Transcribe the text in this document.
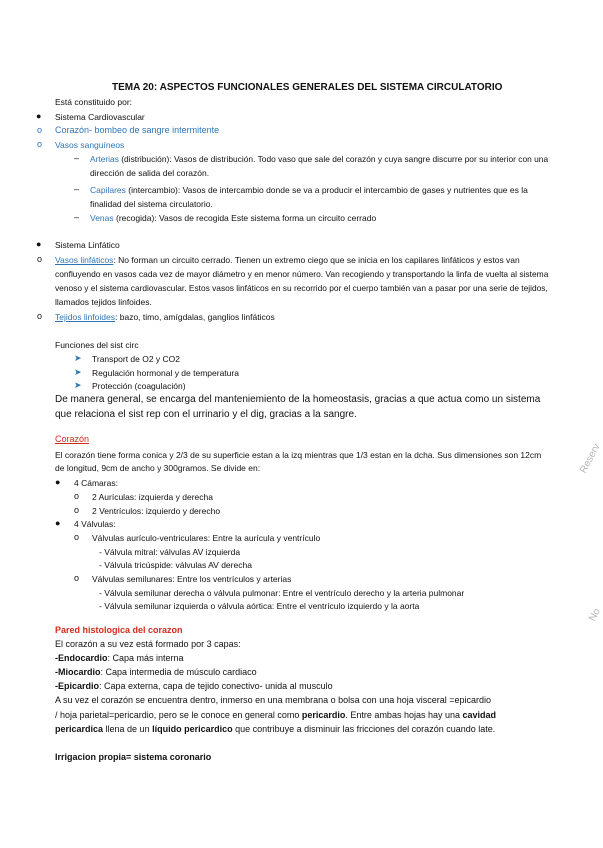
TEMA 20: ASPECTOS FUNCIONALES GENERALES DEL SISTEMA CIRCULATORIO
Está constituido por:
● Sistema Cardiovascular
o Corazón- bombeo de sangre intermitente
o Vasos sanguíneos
– Arterias (distribución): Vasos de distribución. Todo vaso que sale del corazón y cuya sangre discurre por su interior con una
dirección de salida del corazón.
– Capilares (intercambio): Vasos de intercambio donde se va a producir el intercambio de gases y nutrientes que es la
finalidad del sistema circulatorio.
– Venas (recogida): Vasos de recogida Este sistema forma un circuito cerrado
● Sistema Linfático
o Vasos linfáticos: No forman un circuito cerrado. Tienen un extremo ciego que se inicia en los capilares linfáticos y estos van
confluyendo en vasos cada vez de mayor diámetro y en menor número. Van recogiendo y transportando la linfa de vuelta al sistema
venoso y el sistema cardiovascular. Estos vasos linfáticos en su recorrido por el cuerpo también van a pasar por una serie de tejidos,
llamados tejidos linfoides.
o Tejidos linfoides: bazo, timo, amígdalas, ganglios linfáticos
Funciones del sist circ
➤ Transport de O2 y CO2
➤ Regulación hormonal y de temperatura
➤ Protección (coagulación)
De manera general, se encarga del manteniemiento de la homeostasis, gracias a que actua como un sistema
que relaciona el sist rep con el urrinario y el dig, gracias a la sangre.
Corazón
El corazón tiene forma conica y 2/3 de su superficie estan a la izq mientras que 1/3 estan en la dcha. Sus dimensiones son 12cm
de longitud, 9cm de ancho y 300gramos. Se divide en:
● 4 Cámaras:
o 2 Aurículas: izquierda y derecha
o 2 Ventrículos: izquierdo y derecho
● 4 Válvulas:
o Válvulas aurículo-ventriculares: Entre la aurícula y ventrículo
- Válvula mitral: válvulas AV izquierda
- Válvula tricúspide: válvulas AV derecha
o Válvulas semilunares: Entre los ventrículos y arterias
- Válvula semilunar derecha o válvula pulmonar: Entre el ventrículo derecho y la arteria pulmonar
- Válvula semilunar izquierda o válvula aórtica: Entre el ventrículo izquierdo y la aorta
Pared histologica del corazon
El corazón a su vez está formado por 3 capas:
-Endocardio: Capa más interna
-Miocardio: Capa intermedia de músculo cardiaco
-Epicardio: Capa externa, capa de tejido conectivo- unida al musculo
A su vez el corazón se encuentra dentro, inmerso en una membrana o bolsa con una hoja visceral =epicardio
/ hoja parietal=pericardio, pero se le conoce en general como pericardio. Entre ambas hojas hay una cavidad
pericardica llena de un líquido pericardico que contribuye a disminuir las fricciones del corazón cuando late.
Irrigacion propia= sistema coronario
Reserv
No
